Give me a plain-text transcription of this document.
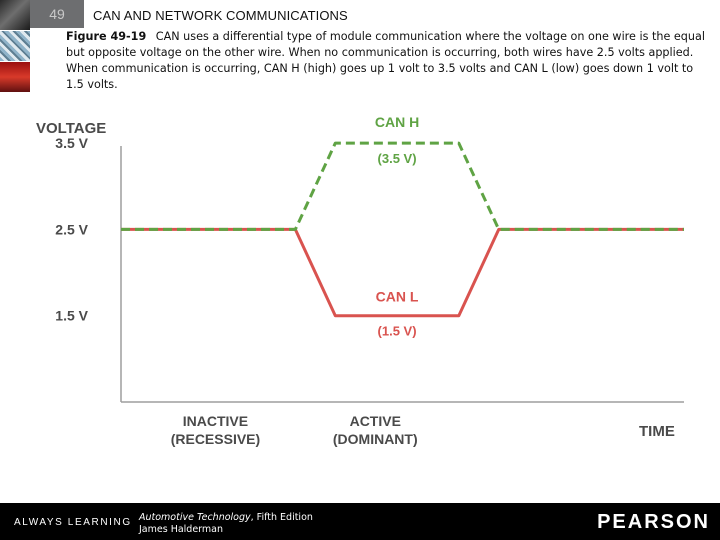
49	CAN AND NETWORK COMMUNICATIONS
Figure 49-19 CAN uses a differential type of module communication where the voltage on one wire is the equal but opposite voltage on the other wire. When no communication is occurring, both wires have 2.5 volts applied. When communication is occurring, CAN H (high) goes up 1 volt to 3.5 volts and CAN L (low) goes down 1 volt to 1.5 volts.
VOLTAGE
TIME
3.5 V
2.5 V
1.5 V
INACTIVE
(RECESSIVE)
ACTIVE
(DOMINANT)
CAN H
(3.5 V)
CAN L
(1.5 V)
ALWAYS LEARNING Automotive Technology, Fifth Edition
James Halderman	PEARSON
